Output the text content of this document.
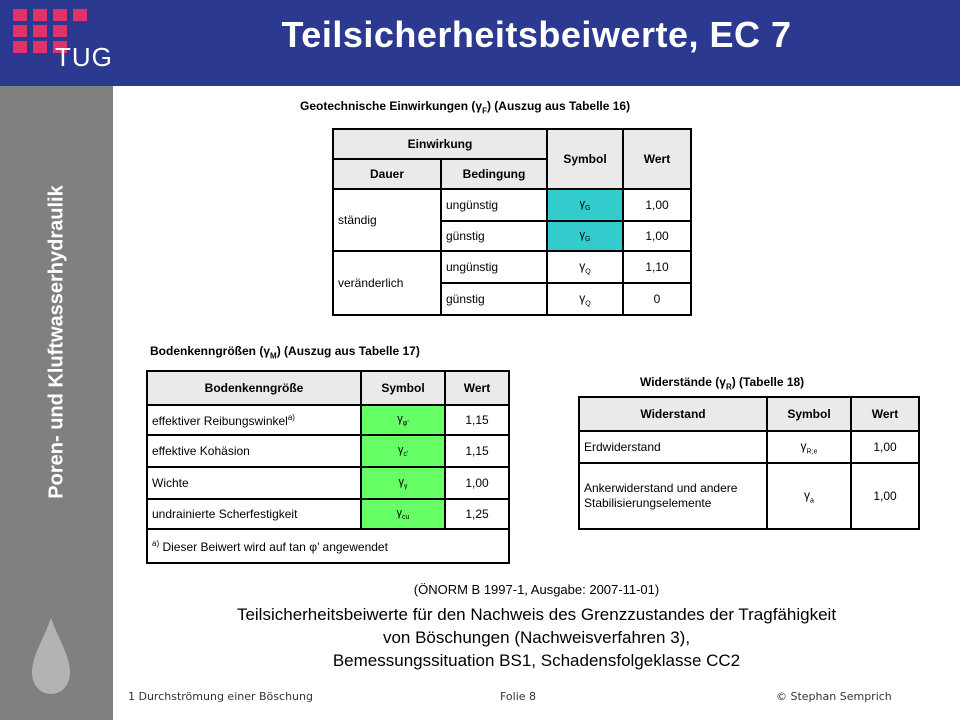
TUG
Teilsicherheitsbeiwerte, EC 7
Poren- und Kluftwasserhydraulik
Geotechnische Einwirkungen $(\gamma_F)$ (Auszug aus Tabelle 16)
Einwirkung		Symbol	Wert
Dauer	Bedingung		
ständig	ungünstig	$\gamma_G$	1,00
	günstig	$\gamma_G$	1,00
veränderlich	ungünstig	$\gamma_Q$	1,10
	günstig	$\gamma_Q$	0
Bodenkenngrößen $(\gamma_M)$ (Auszug aus Tabelle 17)
Bodenkenngröße	Symbol	Wert
effektiver Reibungswinkel$^{a)}$	$\gamma_{\varphi'}$	1,15
effektive Kohäsion	$\gamma_{c'}$	1,15
Wichte	$\gamma_\gamma$	1,00
undrainierte Scherfestigkeit	$\gamma_{cu}$	1,25
$^{a)}$ Dieser Beiwert wird auf tan φ’ angewendet		
Widerstände $(\gamma_R)$ (Tabelle 18)
Widerstand	Symbol	Wert
Erdwiderstand	$\gamma_{R;e}$	1,00
Ankerwiderstand und andere Stabilisierungselemente	$\gamma_a$	1,00
(ÖNORM B 1997-1, Ausgabe: 2007-11-01)
Teilsicherheitsbeiwerte für den Nachweis des Grenzzustandes der Tragfähigkeit
von Böschungen (Nachweisverfahren 3),
Bemessungssituation BS1, Schadensfolgeklasse CC2
1 Durchströmung einer Böschung	Folie 8	© Stephan Semprich
